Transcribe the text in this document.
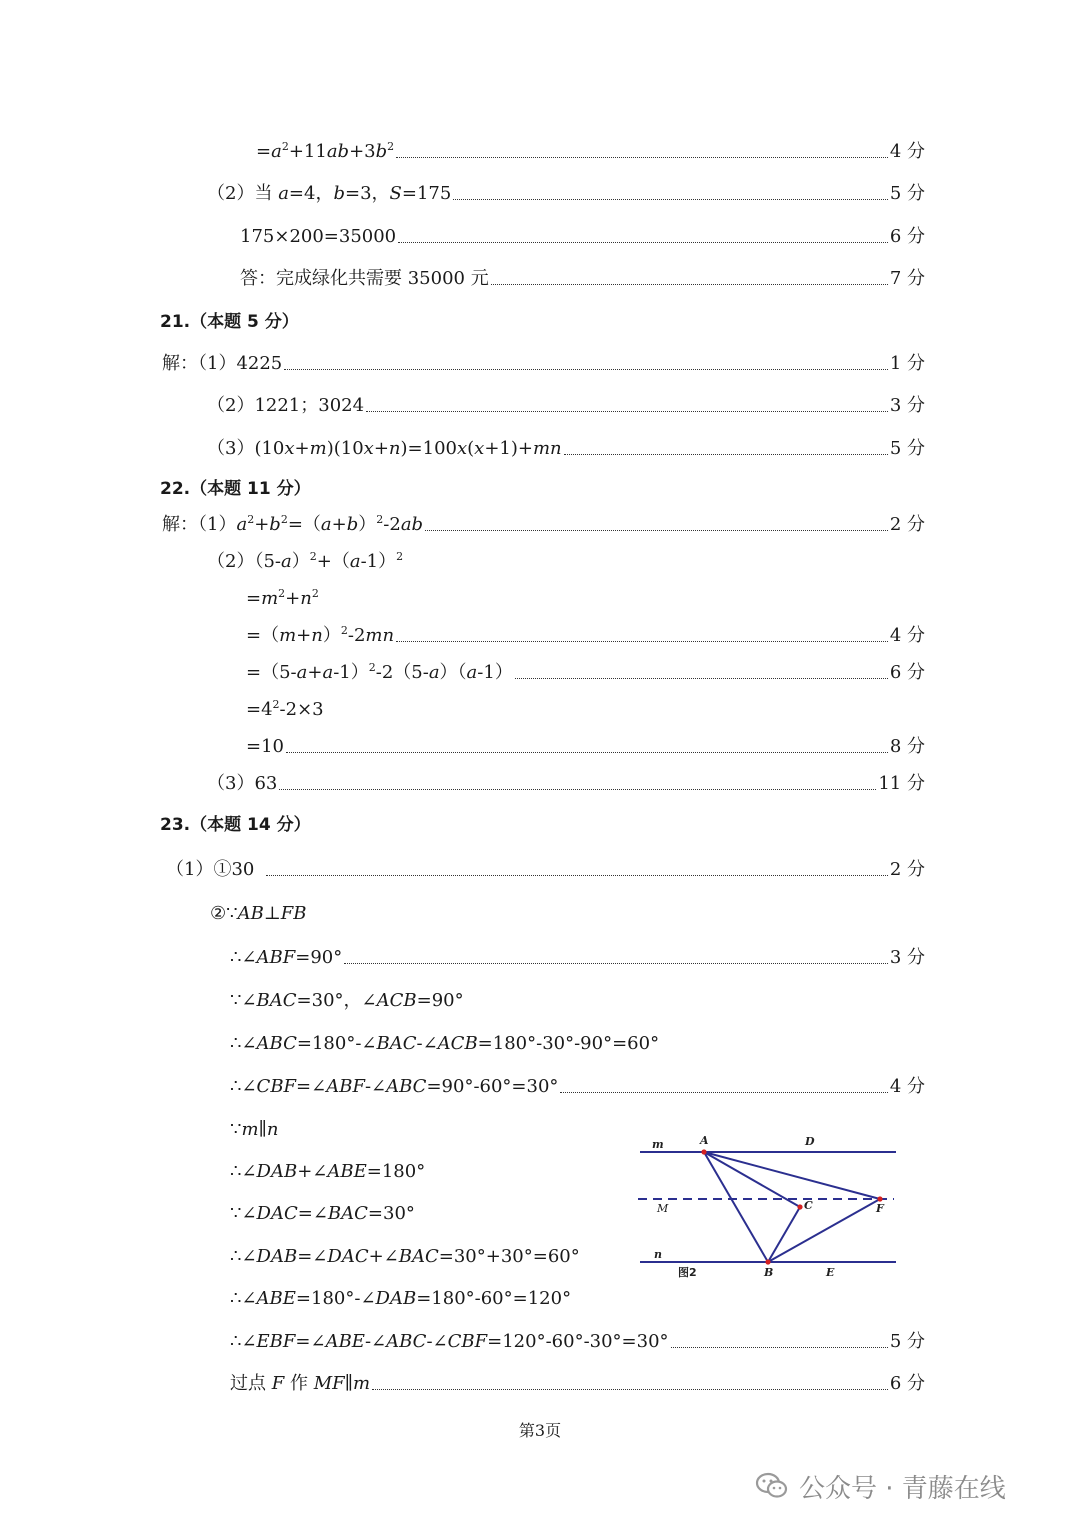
$=a^2+11ab+3b^2$	4 分
（2）当 a=4，b=3，S=175	5 分
175×200=35000	6 分
答：完成绿化共需要 35000 元	7 分
21.（本题 5 分）
解：（1）4225	1 分
（2）1221；3024	3 分
（3）(10x+m)(10x+n)=100x(x+1)+mn	5 分
22.（本题 11 分）
解：$(1)a^2+b^2=(a+b)^2-2ab$	2 分
$(2)(5-a)^2+(a-1)^2$
$=m^2+n^2$
$=(m+n)^2-2mn$	4 分
$=(5-a+a-1)^2-2(5-a)(a-1)$	6 分
$=4^2-2\times 3$
=10	8 分
（3）63	11 分
23.（本题 14 分）
（1）①30	2 分
②∵AB⊥FB
∴∠ABF=90°	3 分
∵∠BAC=30°，∠ACB=90°
∴∠ABC=180°-∠BAC-∠ACB=180°-30°-90°=60°
∴∠CBF=∠ABF-∠ABC=90°-60°=30°	4 分
∵m∥n
∴∠DAB+∠ABE=180°
∵∠DAC=∠BAC=30°
∴∠DAB=∠DAC+∠BAC=30°+30°=60°
∴∠ABE=180°-∠DAB=180°-60°=120°
∴∠EBF=∠ABE-∠ABC-∠CBF=120°-60°-30°=30°	5 分
过点 F 作 MF∥m	6 分
m	A	D
M	C	F
n
B	E
图2
第3页
公众号 · 青藤在线
